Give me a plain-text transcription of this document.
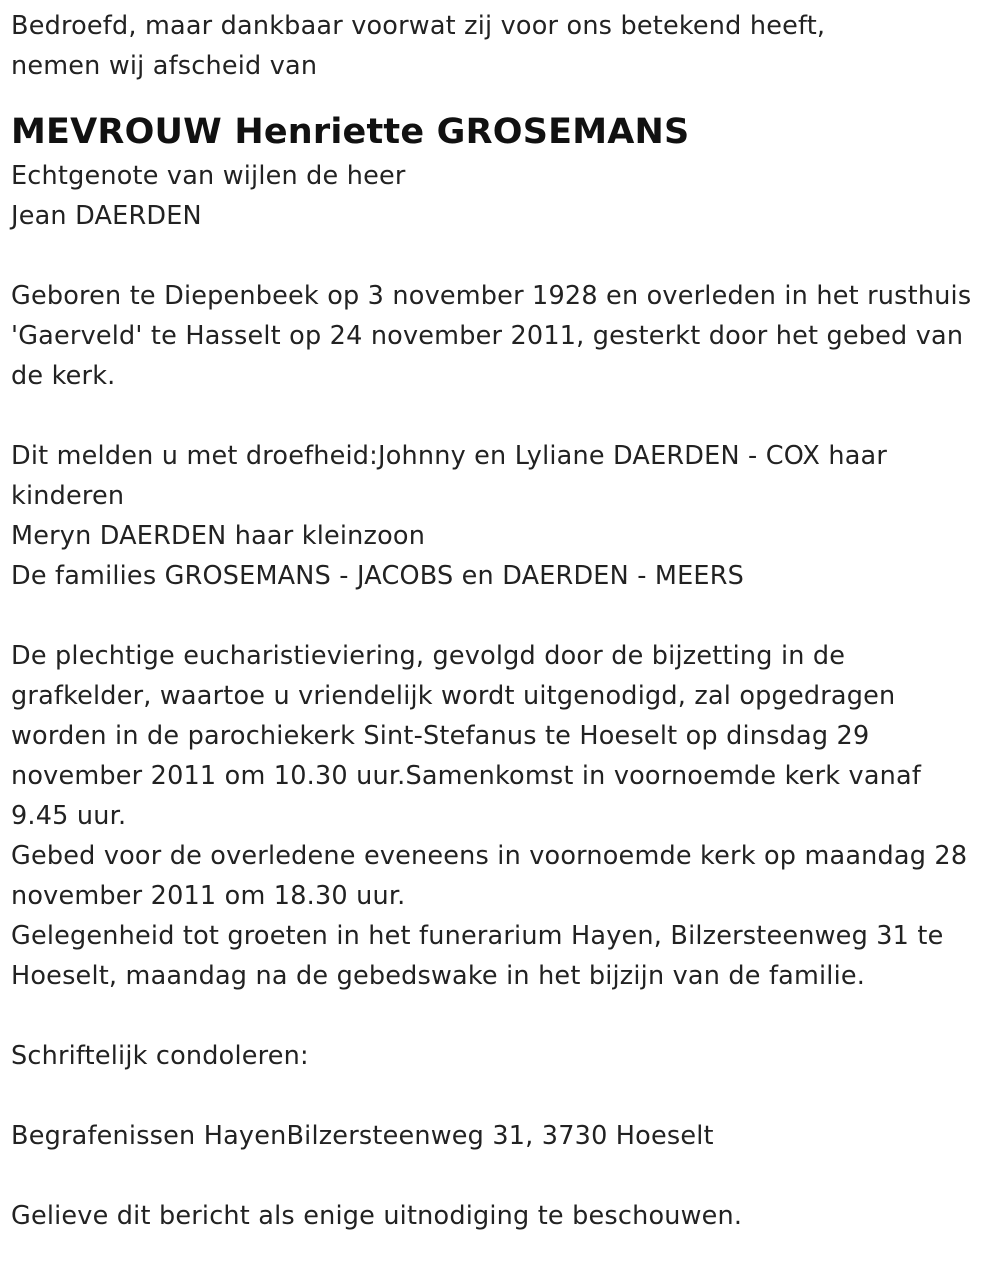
Bedroefd, maar dankbaar voorwat zij voor ons betekend heeft,
nemen wij afscheid van
MEVROUW Henriette GROSEMANS
Echtgenote van wijlen de heer
Jean DAERDEN
Geboren te Diepenbeek op 3 november 1928 en overleden in het rusthuis
'Gaerveld' te Hasselt op 24 november 2011, gesterkt door het gebed van
de kerk.
Dit melden u met droefheid:Johnny en Lyliane DAERDEN - COX haar
kinderen
Meryn DAERDEN haar kleinzoon
De families GROSEMANS - JACOBS en DAERDEN - MEERS
De plechtige eucharistieviering, gevolgd door de bijzetting in de
grafkelder, waartoe u vriendelijk wordt uitgenodigd, zal opgedragen
worden in de parochiekerk Sint-Stefanus te Hoeselt op dinsdag 29
november 2011 om 10.30 uur.Samenkomst in voornoemde kerk vanaf
9.45 uur.
Gebed voor de overledene eveneens in voornoemde kerk op maandag 28
november 2011 om 18.30 uur.
Gelegenheid tot groeten in het funerarium Hayen, Bilzersteenweg 31 te
Hoeselt, maandag na de gebedswake in het bijzijn van de familie.
Schriftelijk condoleren:
Begrafenissen HayenBilzersteenweg 31, 3730 Hoeselt
Gelieve dit bericht als enige uitnodiging te beschouwen.
